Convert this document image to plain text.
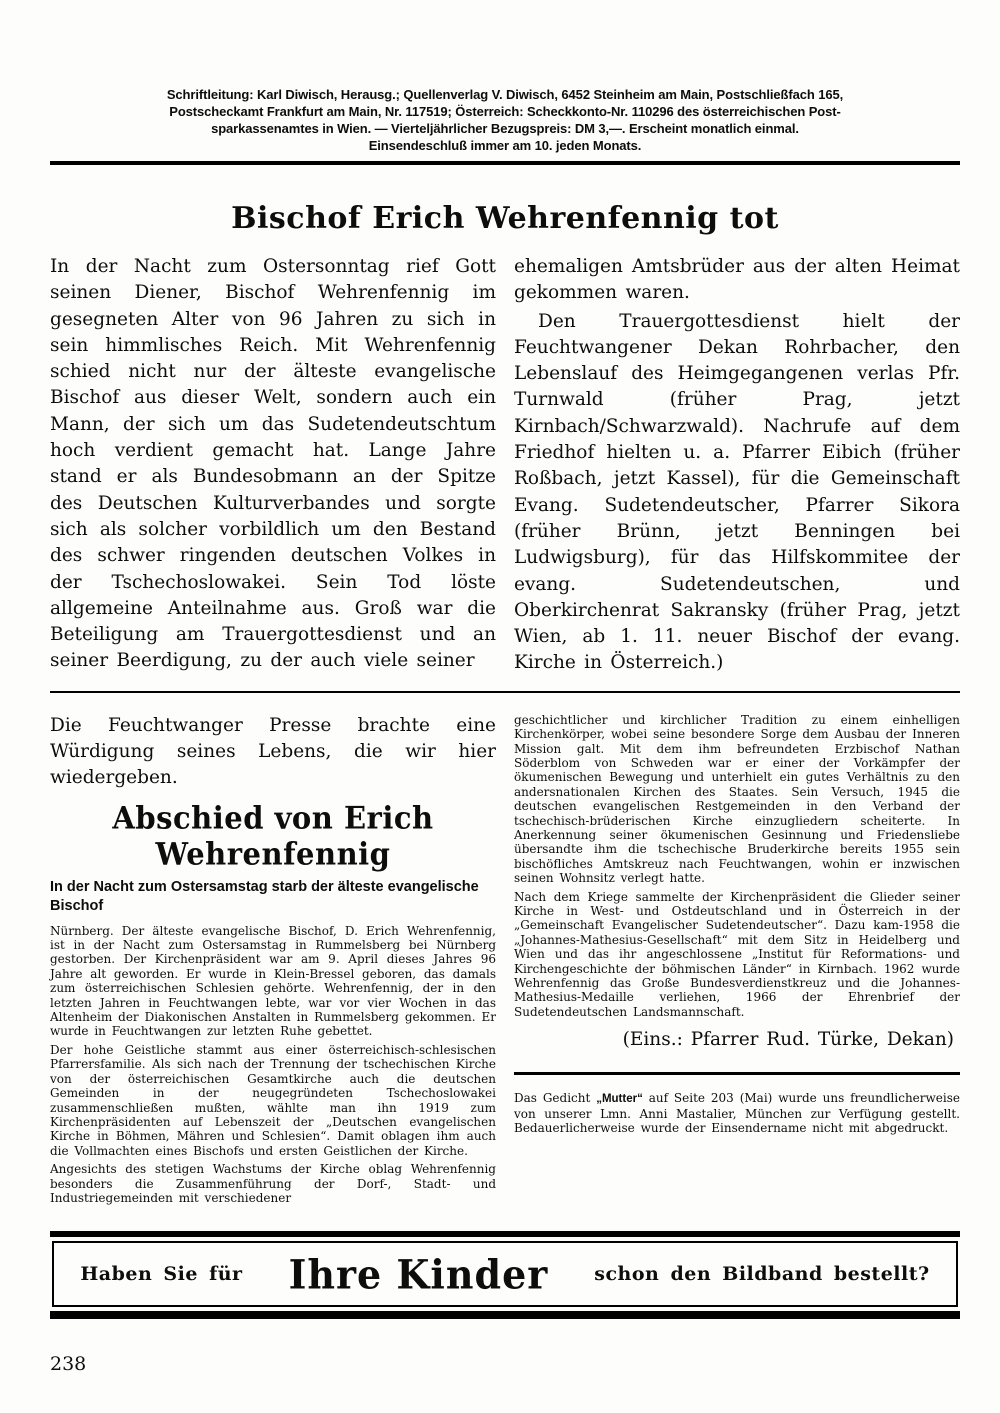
Schriftleitung: Karl Diwisch, Herausg.; Quellenverlag V. Diwisch, 6452 Steinheim am Main, Postschließfach 165,
Postscheckamt Frankfurt am Main, Nr. 117519; Österreich: Scheckkonto-Nr. 110296 des österreichischen Post-
sparkassenamtes in Wien. — Vierteljährlicher Bezugspreis: DM 3,—. Erscheint monatlich einmal.
Einsendeschluß immer am 10. jeden Monats.
Bischof Erich Wehrenfennig tot

In der Nacht zum Ostersonntag rief Gott seinen Diener, Bischof Wehrenfennig im gesegneten Alter von 96 Jahren zu sich in sein himmlisches Reich. Mit Wehrenfennig schied nicht nur der älteste evangelische Bischof aus dieser Welt, sondern auch ein Mann, der sich um das Sudetendeutschtum hoch verdient gemacht hat. Lange Jahre stand er als Bundesobmann an der Spitze des Deutschen Kulturverbandes und sorgte sich als solcher vorbildlich um den Bestand des schwer ringenden deutschen Volkes in der Tschechoslowakei. Sein Tod löste allgemeine Anteilnahme aus. Groß war die Beteiligung am Trauergottesdienst und an seiner Beerdigung, zu der auch viele seiner

ehemaligen Amtsbrüder aus der alten Heimat gekommen waren.

Den Trauergottesdienst hielt der Feuchtwangener Dekan Rohrbacher, den Lebenslauf des Heimgegangenen verlas Pfr. Turnwald (früher Prag, jetzt Kirnbach/Schwarzwald). Nachrufe auf dem Friedhof hielten u. a. Pfarrer Eibich (früher Roßbach, jetzt Kassel), für die Gemeinschaft Evang. Sudetendeutscher, Pfarrer Sikora (früher Brünn, jetzt Benningen bei Ludwigsburg), für das Hilfskommitee der evang. Sudetendeutschen, und Oberkirchenrat Sakransky (früher Prag, jetzt Wien, ab 1. 11. neuer Bischof der evang. Kirche in Österreich.)

Die Feuchtwanger Presse brachte eine Würdigung seines Lebens, die wir hier wiedergeben.

Abschied von Erich Wehrenfennig
In der Nacht zum Ostersamstag starb der älteste evangelische Bischof

Nürnberg. Der älteste evangelische Bischof, D. Erich Wehrenfennig, ist in der Nacht zum Ostersamstag in Rummelsberg bei Nürnberg gestorben. Der Kirchenpräsident war am 9. April dieses Jahres 96 Jahre alt geworden. Er wurde in Klein-Bressel geboren, das damals zum österreichischen Schlesien gehörte. Wehrenfennig, der in den letzten Jahren in Feuchtwangen lebte, war vor vier Wochen in das Altenheim der Diakonischen Anstalten in Rummelsberg gekommen. Er wurde in Feuchtwangen zur letzten Ruhe gebettet.

Der hohe Geistliche stammt aus einer österreichisch-schlesischen Pfarrersfamilie. Als sich nach der Trennung der tschechischen Kirche von der österreichischen Gesamtkirche auch die deutschen Gemeinden in der neugegründeten Tschechoslowakei zusammenschließen mußten, wählte man ihn 1919 zum Kirchenpräsidenten auf Lebenszeit der „Deutschen evangelischen Kirche in Böhmen, Mähren und Schlesien“. Damit oblagen ihm auch die Vollmachten eines Bischofs und ersten Geistlichen der Kirche.

Angesichts des stetigen Wachstums der Kirche oblag Wehrenfennig besonders die Zusammenführung der Dorf-, Stadt- und Industriegemeinden mit verschiedener

geschichtlicher und kirchlicher Tradition zu einem einhelligen Kirchenkörper, wobei seine besondere Sorge dem Ausbau der Inneren Mission galt. Mit dem ihm befreundeten Erzbischof Nathan Söderblom von Schweden war er einer der Vorkämpfer der ökumenischen Bewegung und unterhielt ein gutes Verhältnis zu den andersnationalen Kirchen des Staates. Sein Versuch, 1945 die deutschen evangelischen Restgemeinden in den Verband der tschechisch-brüderischen Kirche einzugliedern scheiterte. In Anerkennung seiner ökumenischen Gesinnung und Friedensliebe übersandte ihm die tschechische Bruderkirche bereits 1955 sein bischöfliches Amtskreuz nach Feuchtwangen, wohin er inzwischen seinen Wohnsitz verlegt hatte.

Nach dem Kriege sammelte der Kirchenpräsident die Glieder seiner Kirche in West- und Ostdeutschland und in Österreich in der „Gemeinschaft Evangelischer Sudetendeutscher“. Dazu kam-1958 die „Johannes-Mathesius-Gesellschaft“ mit dem Sitz in Heidelberg und Wien und das ihr angeschlossene „Institut für Reformations- und Kirchengeschichte der böhmischen Länder“ in Kirnbach. 1962 wurde Wehrenfennig das Große Bundesverdienstkreuz und die Johannes-Mathesius-Medaille verliehen, 1966 der Ehrenbrief der Sudetendeutschen Landsmannschaft.

(Eins.: Pfarrer Rud. Türke, Dekan)

Das Gedicht „Mutter“ auf Seite 203 (Mai) wurde uns freundlicherweise von unserer Lmn. Anni Mastalier, München zur Verfügung gestellt. Bedauerlicherweise wurde der Einsendername nicht mit abgedruckt.

Haben Sie für Ihre Kinder schon den Bildband bestellt?
238
